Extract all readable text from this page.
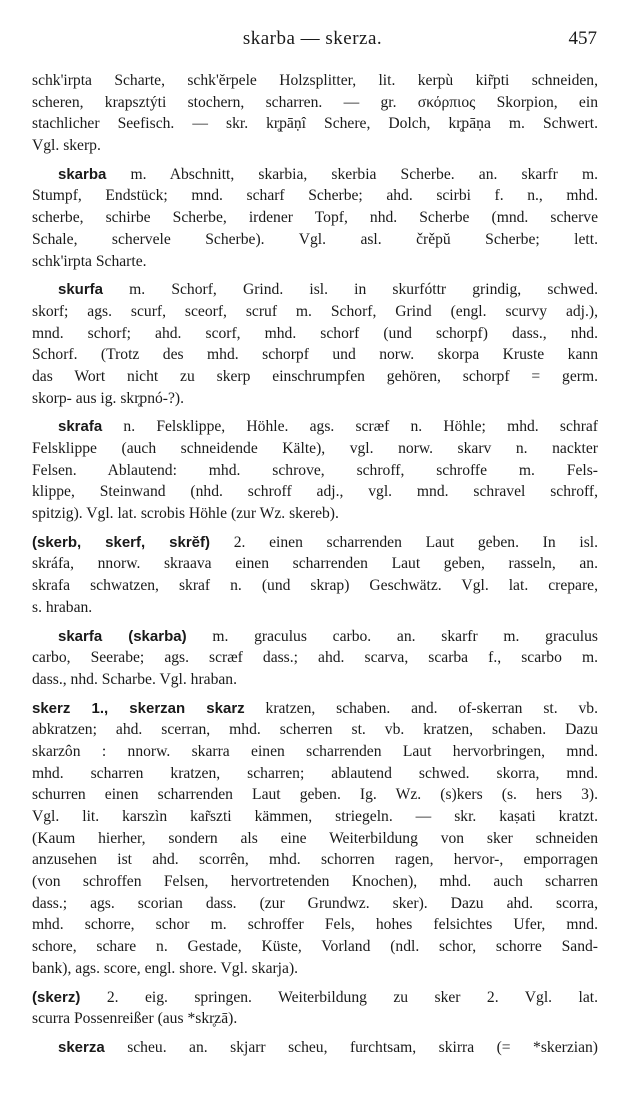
skarba — skerza.	457
schk'irpta Scharte, schk'ĕrpele Holzsplitter, lit. kerpù kir̃pti schneiden,
scheren, krapsztýti stochern, scharren. — gr. σκόρπιος Skorpion, ein
stachlicher Seefisch. — skr. kr̥pāṇî Schere, Dolch, kr̥pāṇa m. Schwert.
Vgl. skerp.
skarba m. Abschnitt, skarbia, skerbia Scherbe. an. skarfr m.
Stumpf, Endstück; mnd. scharf Scherbe; ahd. scirbi f. n., mhd.
scherbe, schirbe Scherbe, irdener Topf, nhd. Scherbe (mnd. scherve
Schale, schervele Scherbe). Vgl. asl. črěpŭ Scherbe; lett.
schk'irpta Scharte.
skurfa m. Schorf, Grind. isl. in skurfóttr grindig, schwed.
skorf; ags. scurf, sceorf, scruf m. Schorf, Grind (engl. scurvy adj.),
mnd. schorf; ahd. scorf, mhd. schorf (und schorpf) dass., nhd.
Schorf. (Trotz des mhd. schorpf und norw. skorpa Kruste kann
das Wort nicht zu skerp einschrumpfen gehören, schorpf = germ.
skorp- aus ig. skr̥pnó-?).
skrafa n. Felsklippe, Höhle. ags. scræf n. Höhle; mhd. schraf
Felsklippe (auch schneidende Kälte), vgl. norw. skarv n. nackter
Felsen. Ablautend: mhd. schrove, schroff, schroffe m. Fels-
klippe, Steinwand (nhd. schroff adj., vgl. mnd. schravel schroff,
spitzig). Vgl. lat. scrobis Höhle (zur Wz. skereb).
(skerb, skerf, skrĕf) 2. einen scharrenden Laut geben. In isl.
skráfa, nnorw. skraava einen scharrenden Laut geben, rasseln, an.
skrafa schwatzen, skraf n. (und skrap) Geschwätz. Vgl. lat. crepare,
s. hraban.
skarfa (skarba) m. graculus carbo. an. skarfr m. graculus
carbo, Seerabe; ags. scræf dass.; ahd. scarva, scarba f., scarbo m.
dass., nhd. Scharbe. Vgl. hraban.
skerz 1., skerzan skarz kratzen, schaben. and. of-skerran st. vb.
abkratzen; ahd. scerran, mhd. scherren st. vb. kratzen, schaben. Dazu
skarzôn : nnorw. skarra einen scharrenden Laut hervorbringen, mnd.
mhd. scharren kratzen, scharren; ablautend schwed. skorra, mnd.
schurren einen scharrenden Laut geben. Ig. Wz. (s)kers (s. hers 3).
Vgl. lit. karszìn kar̃szti kämmen, striegeln. — skr. kaṣati kratzt.
(Kaum hierher, sondern als eine Weiterbildung von sker schneiden
anzusehen ist ahd. scorrên, mhd. schorren ragen, hervor-, emporragen
(von schroffen Felsen, hervortretenden Knochen), mhd. auch scharren
dass.; ags. scorian dass. (zur Grundwz. sker). Dazu ahd. scorra,
mhd. schorre, schor m. schroffer Fels, hohes felsichtes Ufer, mnd.
schore, schare n. Gestade, Küste, Vorland (ndl. schor, schorre Sand-
bank), ags. score, engl. shore. Vgl. skarja).
(skerz) 2. eig. springen. Weiterbildung zu sker 2. Vgl. lat.
scurra Possenreißer (aus *skr̥zā).
skerza scheu. an. skjarr scheu, furchtsam, skirra (= *skerzian)
